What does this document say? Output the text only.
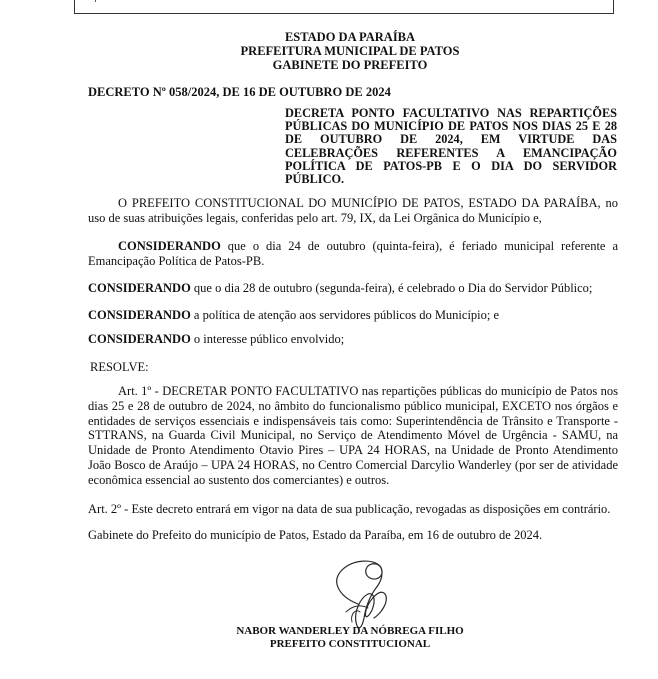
ESTADO DA PARAÍBA
PREFEITURA MUNICIPAL DE PATOS
GABINETE DO PREFEITO
DECRETO Nº 058/2024, DE 16 DE OUTUBRO DE 2024
DECRETA PONTO FACULTATIVO NAS REPARTIÇÕES PÚBLICAS DO MUNICÍPIO DE PATOS NOS DIAS 25 E 28 DE OUTUBRO DE 2024, EM VIRTUDE DAS CELEBRAÇÕES REFERENTES A EMANCIPAÇÃO POLÍTICA DE PATOS-PB E O DIA DO SERVIDOR PÚBLICO.
O PREFEITO CONSTITUCIONAL DO MUNICÍPIO DE PATOS, ESTADO DA PARAÍBA, no uso de suas atribuições legais, conferidas pelo art. 79, IX, da Lei Orgânica do Município e,
CONSIDERANDO que o dia 24 de outubro (quinta-feira), é feriado municipal referente a Emancipação Política de Patos-PB.
CONSIDERANDO que o dia 28 de outubro (segunda-feira), é celebrado o Dia do Servidor Público;
CONSIDERANDO a política de atenção aos servidores públicos do Município; e
CONSIDERANDO o interesse público envolvido;
RESOLVE:
Art. 1º - DECRETAR PONTO FACULTATIVO nas repartições públicas do município de Patos nos dias 25 e 28 de outubro de 2024, no âmbito do funcionalismo público municipal, EXCETO nos órgãos e entidades de serviços essenciais e indispensáveis tais como: Superintendência de Trânsito e Transporte - STTRANS, na Guarda Civil Municipal, no Serviço de Atendimento Móvel de Urgência - SAMU, na Unidade de Pronto Atendimento Otavio Pires – UPA 24 HORAS, na Unidade de Pronto Atendimento João Bosco de Araújo – UPA 24 HORAS, no Centro Comercial Darcylio Wanderley (por ser de atividade econômica essencial ao sustento dos comerciantes) e outros.
Art. 2º - Este decreto entrará em vigor na data de sua publicação, revogadas as disposições em contrário.
Gabinete do Prefeito do município de Patos, Estado da Paraíba, em 16 de outubro de 2024.
NABOR WANDERLEY DA NÓBREGA FILHO
PREFEITO CONSTITUCIONAL
